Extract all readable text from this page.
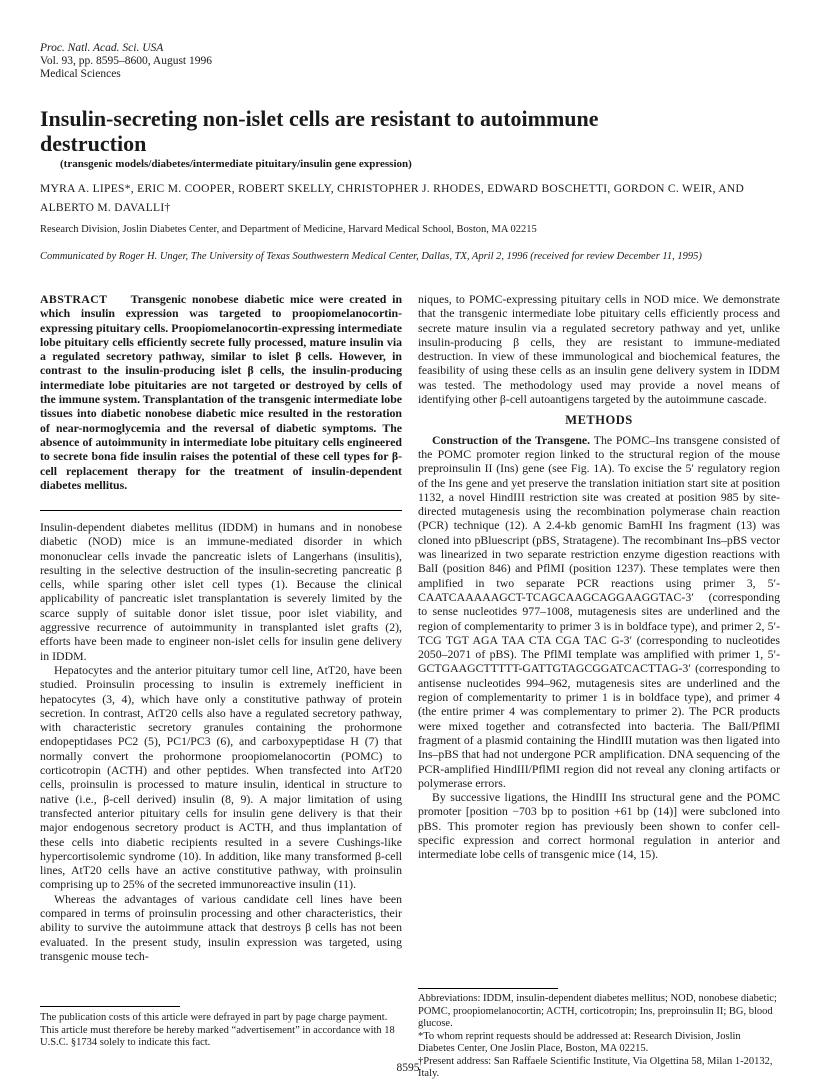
Proc. Natl. Acad. Sci. USA
Vol. 93, pp. 8595–8600, August 1996
Medical Sciences
Insulin-secreting non-islet cells are resistant to autoimmune destruction
(transgenic models/diabetes/intermediate pituitary/insulin gene expression)
MYRA A. LIPES*, ERIC M. COOPER, ROBERT SKELLY, CHRISTOPHER J. RHODES, EDWARD BOSCHETTI, GORDON C. WEIR, AND ALBERTO M. DAVALLI†
Research Division, Joslin Diabetes Center, and Department of Medicine, Harvard Medical School, Boston, MA 02215
Communicated by Roger H. Unger, The University of Texas Southwestern Medical Center, Dallas, TX, April 2, 1996 (received for review December 11, 1995)

ABSTRACT Transgenic nonobese diabetic mice were created in which insulin expression was targeted to proopiomelanocortin-expressing pituitary cells. Proopiomelanocortin-expressing intermediate lobe pituitary cells efficiently secrete fully processed, mature insulin via a regulated secretory pathway, similar to islet β cells. However, in contrast to the insulin-producing islet β cells, the insulin-producing intermediate lobe pituitaries are not targeted or destroyed by cells of the immune system. Transplantation of the transgenic intermediate lobe tissues into diabetic nonobese diabetic mice resulted in the restoration of near-normoglycemia and the reversal of diabetic symptoms. The absence of autoimmunity in intermediate lobe pituitary cells engineered to secrete bona fide insulin raises the potential of these cell types for β-cell replacement therapy for the treatment of insulin-dependent diabetes mellitus.

Insulin-dependent diabetes mellitus (IDDM) in humans and in nonobese diabetic (NOD) mice is an immune-mediated disorder in which mononuclear cells invade the pancreatic islets of Langerhans (insulitis), resulting in the selective destruction of the insulin-secreting pancreatic β cells, while sparing other islet cell types (1). Because the clinical applicability of pancreatic islet transplantation is severely limited by the scarce supply of suitable donor islet tissue, poor islet viability, and aggressive recurrence of autoimmunity in transplanted islet grafts (2), efforts have been made to engineer non-islet cells for insulin gene delivery in IDDM.

Hepatocytes and the anterior pituitary tumor cell line, AtT20, have been studied. Proinsulin processing to insulin is extremely inefficient in hepatocytes (3, 4), which have only a constitutive pathway of protein secretion. In contrast, AtT20 cells also have a regulated secretory pathway, with characteristic secretory granules containing the prohormone endopeptidases PC2 (5), PC1/PC3 (6), and carboxypeptidase H (7) that normally convert the prohormone proopiomelanocortin (POMC) to corticotropin (ACTH) and other peptides. When transfected into AtT20 cells, proinsulin is processed to mature insulin, identical in structure to native (i.e., β-cell derived) insulin (8, 9). A major limitation of using transfected anterior pituitary cells for insulin gene delivery is that their major endogenous secretory product is ACTH, and thus implantation of these cells into diabetic recipients resulted in a severe Cushings-like hypercortisolemic syndrome (10). In addition, like many transformed β-cell lines, AtT20 cells have an active constitutive pathway, with proinsulin comprising up to 25% of the secreted immunoreactive insulin (11).

Whereas the advantages of various candidate cell lines have been compared in terms of proinsulin processing and other characteristics, their ability to survive the autoimmune attack that destroys β cells has not been evaluated. In the present study, insulin expression was targeted, using transgenic mouse tech-

The publication costs of this article were defrayed in part by page charge payment. This article must therefore be hereby marked “advertisement” in accordance with 18 U.S.C. §1734 solely to indicate this fact.

niques, to POMC-expressing pituitary cells in NOD mice. We demonstrate that the transgenic intermediate lobe pituitary cells efficiently process and secrete mature insulin via a regulated secretory pathway and yet, unlike insulin-producing β cells, they are resistant to immune-mediated destruction. In view of these immunological and biochemical features, the feasibility of using these cells as an insulin gene delivery system in IDDM was tested. The methodology used may provide a novel means of identifying other β-cell autoantigens targeted by the autoimmune cascade.

METHODS

Construction of the Transgene. The POMC–Ins transgene consisted of the POMC promoter region linked to the structural region of the mouse preproinsulin II (Ins) gene (see Fig. 1A). To excise the 5′ regulatory region of the Ins gene and yet preserve the translation initiation start site at position 1132, a novel HindIII restriction site was created at position 985 by site-directed mutagenesis using the recombination polymerase chain reaction (PCR) technique (12). A 2.4-kb genomic BamHI Ins fragment (13) was cloned into pBluescript (pBS, Stratagene). The recombinant Ins–pBS vector was linearized in two separate restriction enzyme digestion reactions with BalI (position 846) and PflMI (position 1237). These templates were then amplified in two separate PCR reactions using primer 3, 5′-CAATCAAAAAGCT-TCAGCAAGCAGGAAGGTAC-3′ (corresponding to sense nucleotides 977–1008, mutagenesis sites are underlined and the region of complementarity to primer 3 is in boldface type), and primer 2, 5′-TCG TGT AGA TAA CTA CGA TAC G-3′ (corresponding to nucleotides 2050–2071 of pBS). The PflMI template was amplified with primer 1, 5′-GCTGAAGCTTTTT-GATTGTAGCGGATCACTTAG-3′ (corresponding to antisense nucleotides 994–962, mutagenesis sites are underlined and the region of complementarity to primer 1 is in boldface type), and primer 4 (the entire primer 4 was complementary to primer 2). The PCR products were mixed together and cotransfected into bacteria. The BalI/PflMI fragment of a plasmid containing the HindIII mutation was then ligated into Ins–pBS that had not undergone PCR amplification. DNA sequencing of the PCR-amplified HindIII/PflMI region did not reveal any cloning artifacts or polymerase errors.

By successive ligations, the HindIII Ins structural gene and the POMC promoter [position −703 bp to position +61 bp (14)] were subcloned into pBS. This promoter region has previously been shown to confer cell-specific expression and correct hormonal regulation in anterior and intermediate lobe cells of transgenic mice (14, 15).

Abbreviations: IDDM, insulin-dependent diabetes mellitus; NOD, nonobese diabetic; POMC, proopiomelanocortin; ACTH, corticotropin; Ins, preproinsulin II; BG, blood glucose.
*To whom reprint requests should be addressed at: Research Division, Joslin Diabetes Center, One Joslin Place, Boston, MA 02215.
†Present address: San Raffaele Scientific Institute, Via Olgettina 58, Milan 1-20132, Italy.
8595
